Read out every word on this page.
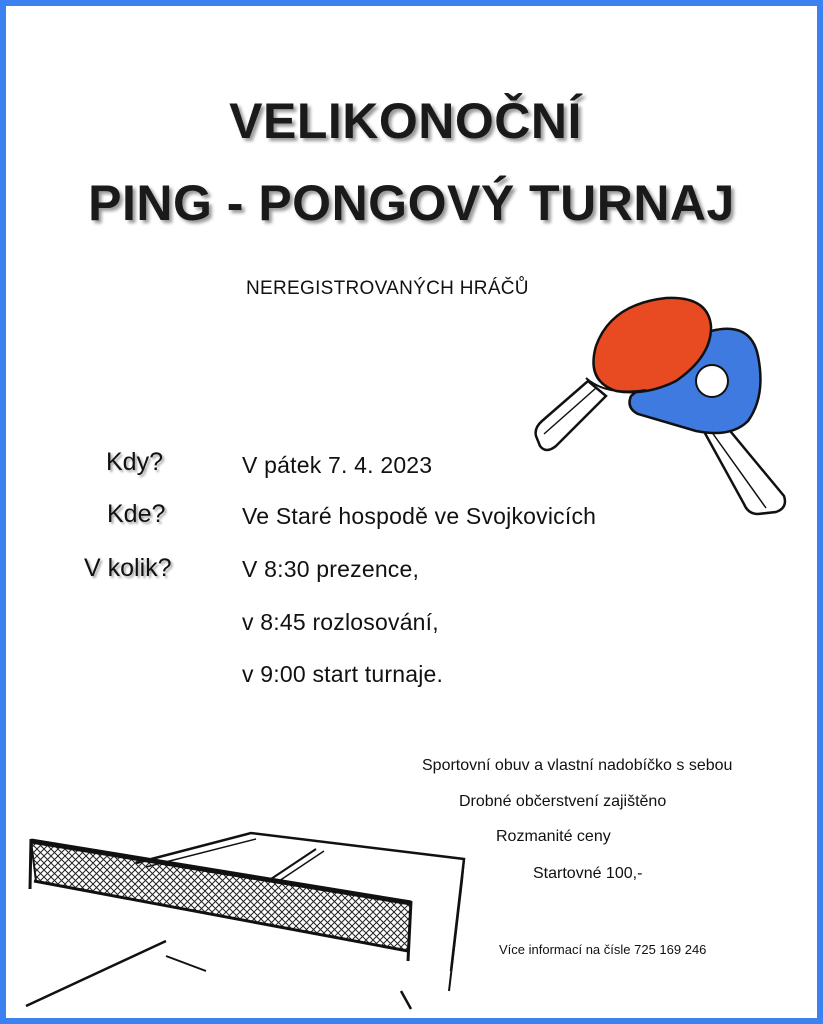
VELIKONOČNÍ
PING - PONGOVÝ TURNAJ
NEREGISTROVANÝCH HRÁČŮ
Kdy?	V pátek 7. 4. 2023
Kde?	Ve Staré hospodě ve Svojkovicích
V kolik?	V 8:30 prezence,
v 8:45 rozlosování,
v 9:00 start turnaje.
Sportovní obuv a vlastní nadobíčko s sebou
Drobné občerstvení zajištěno
Rozmanité ceny
Startovné 100,-
Více informací na čísle 725 169 246
